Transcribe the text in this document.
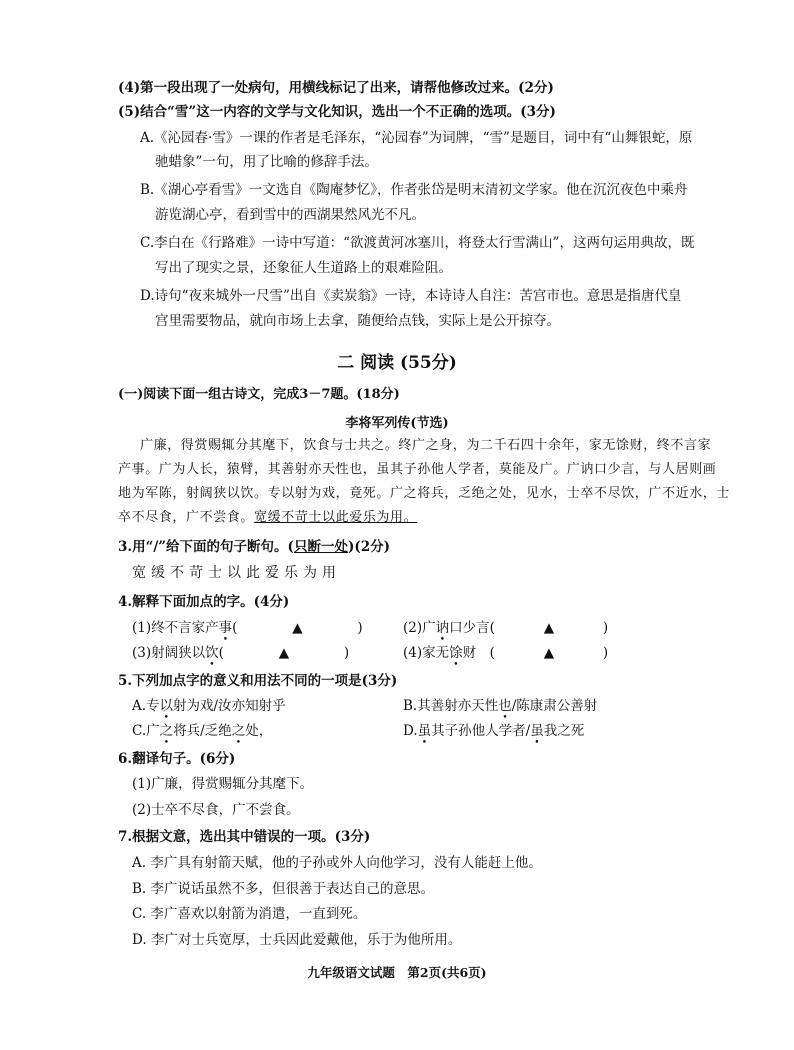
(4)第一段出现了一处病句，用横线标记了出来，请帮他修改过来。(2分)
(5)结合“雪”这一内容的文学与文化知识，选出一个不正确的选项。(3分)
A.《沁园春·雪》一课的作者是毛泽东，“沁园春”为词牌，“雪”是题目，词中有“山舞银蛇，原
驰蜡象”一句，用了比喻的修辞手法。
B.《湖心亭看雪》一文选自《陶庵梦忆》，作者张岱是明末清初文学家。他在沉沉夜色中乘舟
游览湖心亭，看到雪中的西湖果然风光不凡。
C.李白在《行路难》一诗中写道：“欲渡黄河冰塞川，将登太行雪满山”，这两句运用典故，既
写出了现实之景，还象征人生道路上的艰难险阻。
D.诗句“夜来城外一尺雪”出自《卖炭翁》一诗，本诗诗人自注：苦宫市也。意思是指唐代皇
宫里需要物品，就向市场上去拿，随便给点钱，实际上是公开掠夺。
二 阅读 (55分)
(一)阅读下面一组古诗文，完成3－7题。(18分)
李将军列传(节选)
广廉，得赏赐辄分其麾下，饮食与士共之。终广之身，为二千石四十余年，家无馀财，终不言家
产事。广为人长，猿臂，其善射亦天性也，虽其子孙他人学者，莫能及广。广讷口少言，与人居则画
地为军陈，射阔狭以饮。专以射为戏，竟死。广之将兵，乏绝之处，见水，士卒不尽饮，广不近水，士
卒不尽食，广不尝食。宽缓不苛士以此爱乐为用。
3.用“/”给下面的句子断句。(只断一处)(2分)
宽缓不苛士以此爱乐为用
4.解释下面加点的字。(4分)
(1)终不言家产事(	▲	)	(2)广讷口少言(	▲	)
(3)射阔狭以饮(	▲	)	(4)家无馀财　(	▲	)
5.下列加点字的意义和用法不同的一项是(3分)
A.专以射为戏/汝亦知射乎	B.其善射亦天性也/陈康肃公善射
C.广之将兵/乏绝之处，	D.虽其子孙他人学者/虽我之死
6.翻译句子。(6分)
(1)广廉，得赏赐辄分其麾下。
(2)士卒不尽食，广不尝食。
7.根据文意，选出其中错误的一项。(3分)
A. 李广具有射箭天赋，他的子孙或外人向他学习，没有人能赶上他。
B. 李广说话虽然不多，但很善于表达自己的意思。
C. 李广喜欢以射箭为消遣，一直到死。
D. 李广对士兵宽厚，士兵因此爱戴他，乐于为他所用。
九年级语文试题　第2页(共6页)
